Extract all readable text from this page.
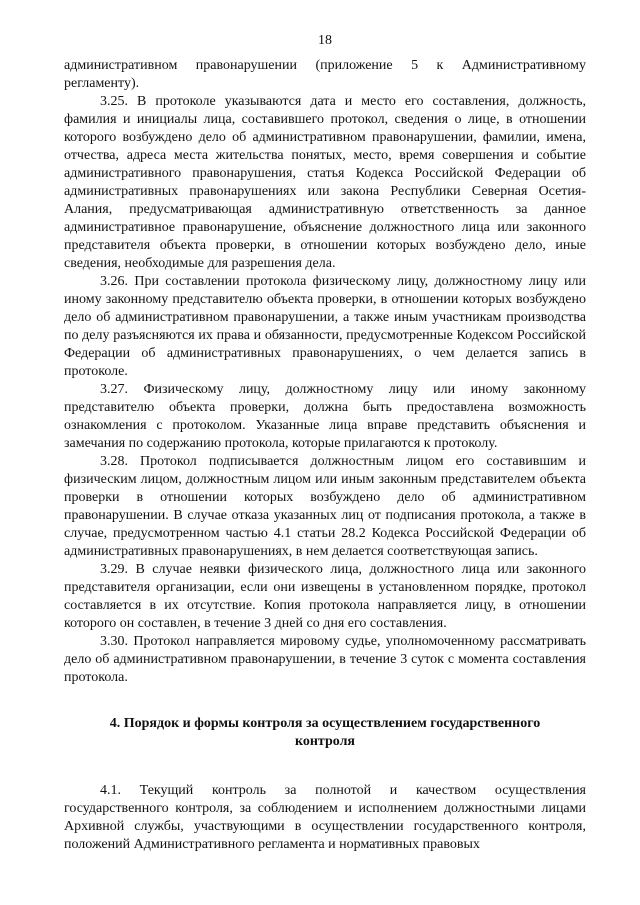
18

административном правонарушении (приложение 5 к Административному регламенту).

3.25. В протоколе указываются дата и место его составления, должность, фамилия и инициалы лица, составившего протокол, сведения о лице, в отношении которого возбуждено дело об административном правонарушении, фамилии, имена, отчества, адреса места жительства понятых, место, время совершения и событие административного правонарушения, статья Кодекса Российской Федерации об административных правонарушениях или закона Республики Северная Осетия-Алания, предусматривающая административную ответственность за данное административное правонарушение, объяснение должностного лица или законного представителя объекта проверки, в отношении которых возбуждено дело, иные сведения, необходимые для разрешения дела.

3.26. При составлении протокола физическому лицу, должностному лицу или иному законному представителю объекта проверки, в отношении которых возбуждено дело об административном правонарушении, а также иным участникам производства по делу разъясняются их права и обязанности, предусмотренные Кодексом Российской Федерации об административных правонарушениях, о чем делается запись в протоколе.

3.27. Физическому лицу, должностному лицу или иному законному представителю объекта проверки, должна быть предоставлена возможность ознакомления с протоколом. Указанные лица вправе представить объяснения и замечания по содержанию протокола, которые прилагаются к протоколу.

3.28. Протокол подписывается должностным лицом его составившим и физическим лицом, должностным лицом или иным законным представителем объекта проверки в отношении которых возбуждено дело об административном правонарушении. В случае отказа указанных лиц от подписания протокола, а также в случае, предусмотренном частью 4.1 статьи 28.2 Кодекса Российской Федерации об административных правонарушениях, в нем делается соответствующая запись.

3.29. В случае неявки физического лица, должностного лица или законного представителя организации, если они извещены в установленном порядке, протокол составляется в их отсутствие. Копия протокола направляется лицу, в отношении которого он составлен, в течение 3 дней со дня его составления.

3.30. Протокол направляется мировому судье, уполномоченному рассматривать дело об административном правонарушении, в течение 3 суток с момента составления протокола.

4. Порядок и формы контроля за осуществлением государственного контроля

4.1. Текущий контроль за полнотой и качеством осуществления государственного контроля, за соблюдением и исполнением должностными лицами Архивной службы, участвующими в осуществлении государственного контроля, положений Административного регламента и нормативных правовых
